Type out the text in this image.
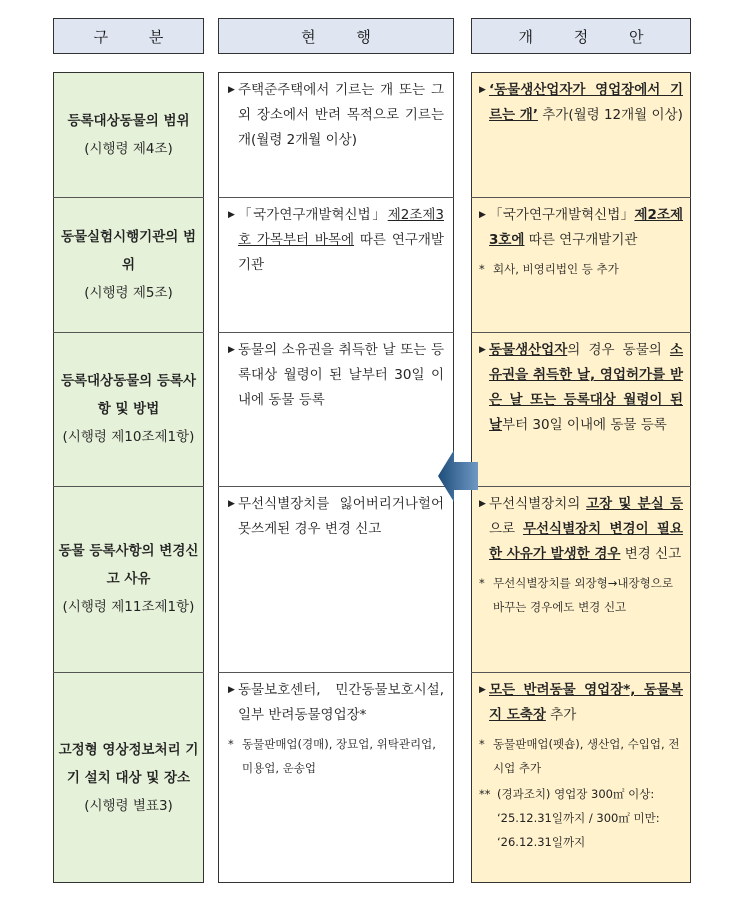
구 분	현 행	개 정 안
등록대상동물의 범위
(시행령 제4조)
▶ 주택준주택에서 기르는 개 또는 그 외 장소에서 반려 목적으로 기르는 개(월령 2개월 이상)
▶ ‘동물생산업자가 영업장에서 기르는 개’ 추가(월령 12개월 이상)
동물실험시행기관의 범위
(시행령 제5조)
▶ 「국가연구개발혁신법」제2조제3호 가목부터 바목에 따른 연구개발기관
▶ 「국가연구개발혁신법」제2조제3호에 따른 연구개발기관
* 회사, 비영리법인 등 추가
등록대상동물의 등록사항 및 방법
(시행령 제10조제1항)
▶ 동물의 소유권을 취득한 날 또는 등록대상 월령이 된 날부터 30일 이내에 동물 등록
▶ 동물생산업자의 경우 동물의 소유권을 취득한 날, 영업허가를 받은 날 또는 등록대상 월령이 된 날부터 30일 이내에 동물 등록
동물 등록사항의 변경신고 사유
(시행령 제11조제1항)
▶ 무선식별장치를 잃어버리거나헐어못쓰게된 경우 변경 신고
▶ 무선식별장치의 고장 및 분실 등으로 무선식별장치 변경이 필요한 사유가 발생한 경우 변경 신고
* 무선식별장치를 외장형→내장형으로 바꾸는 경우에도 변경 신고
고정형 영상정보처리 기기 설치 대상 및 장소
(시행령 별표3)
▶ 동물보호센터, 민간동물보호시설, 일부 반려동물영업장*
* 동물판매업(경매), 장묘업, 위탁관리업, 미용업, 운송업
▶ 모든 반려동물 영업장*, 동물복지 도축장 추가
* 동물판매업(펫숍), 생산업, 수입업, 전시업 추가
** (경과조치) 영업장 300㎡ 이상: ‘25.12.31일까지 / 300㎡ 미만: ‘26.12.31일까지
